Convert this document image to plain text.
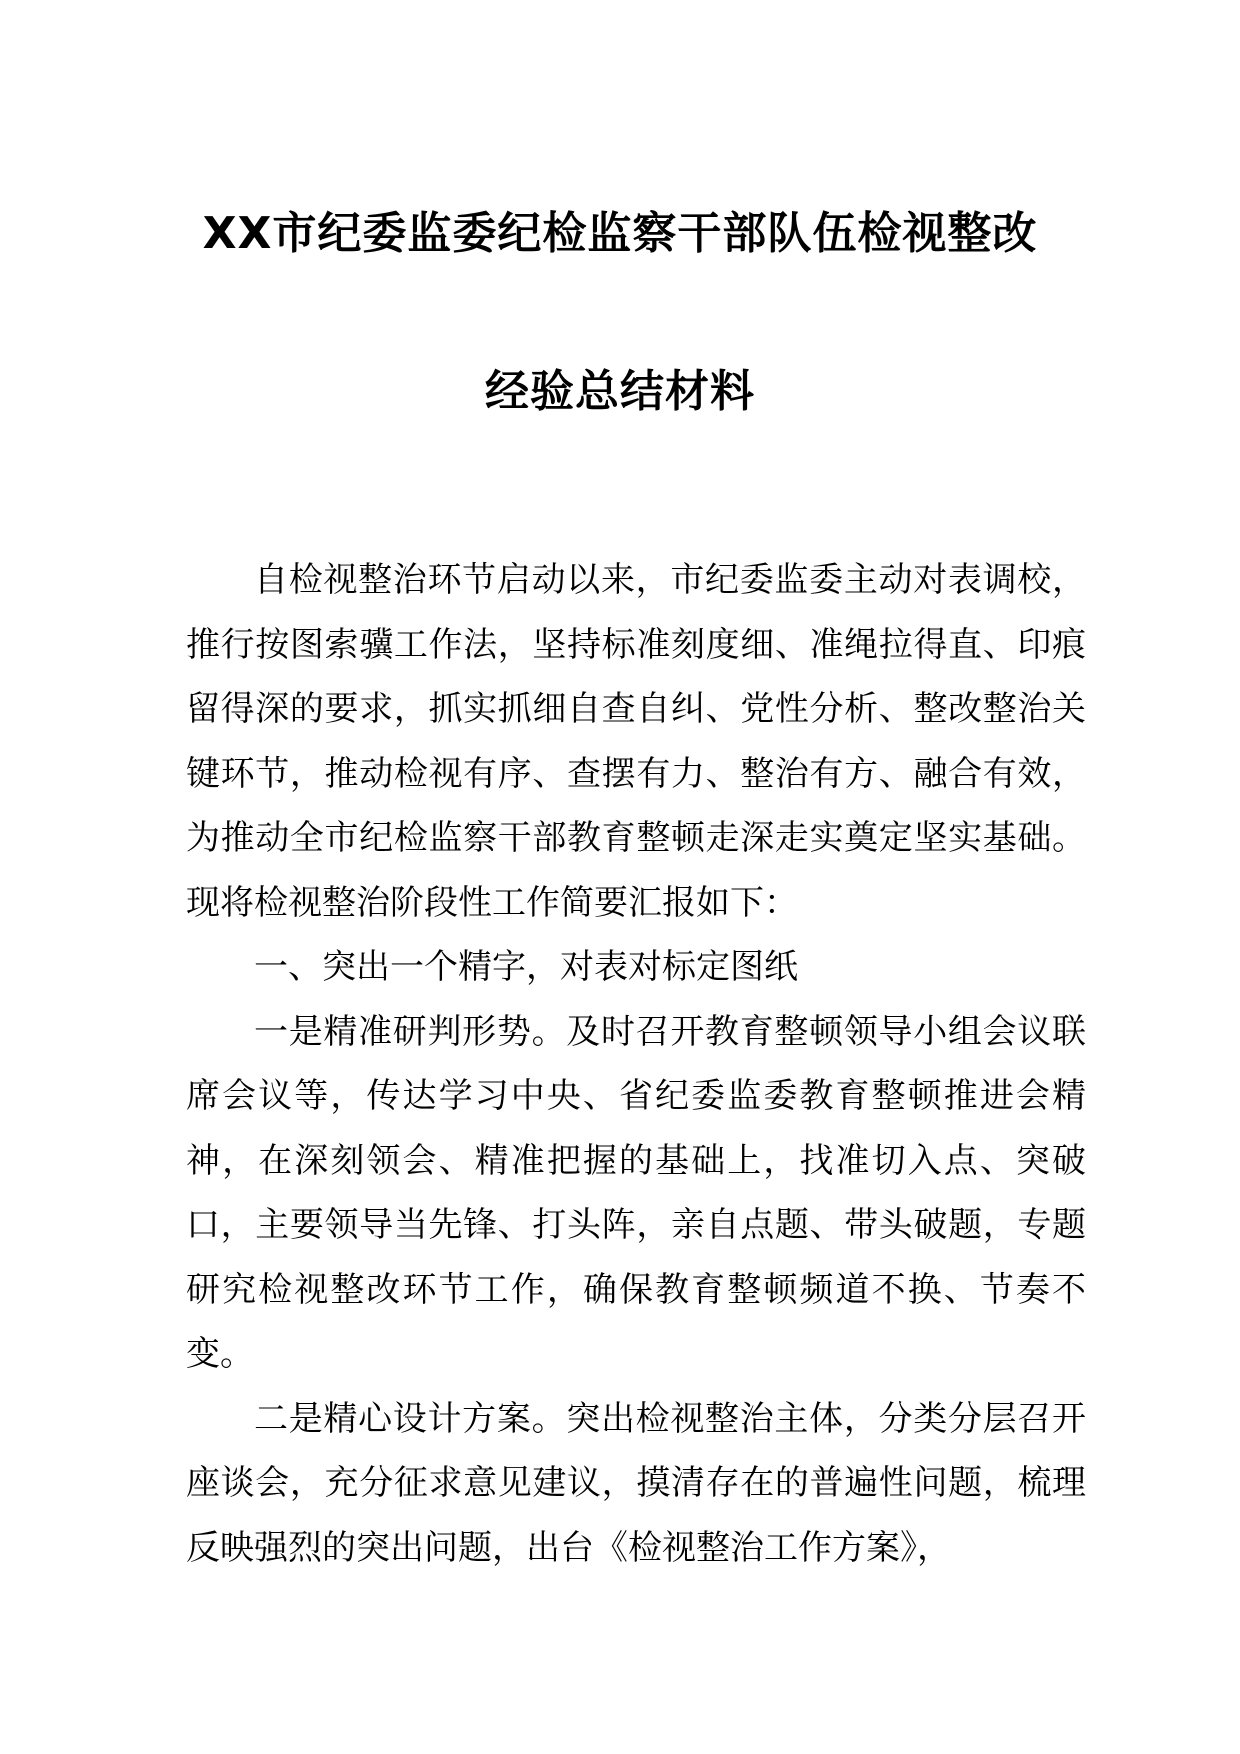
XX市纪委监委纪检监察干部队伍检视整改
经验总结材料

自检视整治环节启动以来，市纪委监委主动对表调校，推行按图索骥工作法，坚持标准刻度细、准绳拉得直、印痕留得深的要求，抓实抓细自查自纠、党性分析、整改整治关键环节，推动检视有序、查摆有力、整治有方、融合有效，为推动全市纪检监察干部教育整顿走深走实奠定坚实基础。现将检视整治阶段性工作简要汇报如下：

一、突出一个精字，对表对标定图纸

一是精准研判形势。及时召开教育整顿领导小组会议联席会议等，传达学习中央、省纪委监委教育整顿推进会精神，在深刻领会、精准把握的基础上，找准切入点、突破口，主要领导当先锋、打头阵，亲自点题、带头破题，专题研究检视整改环节工作，确保教育整顿频道不换、节奏不变。

二是精心设计方案。突出检视整治主体，分类分层召开座谈会，充分征求意见建议，摸清存在的普遍性问题，梳理反映强烈的突出问题，出台《检视整治工作方案》，
